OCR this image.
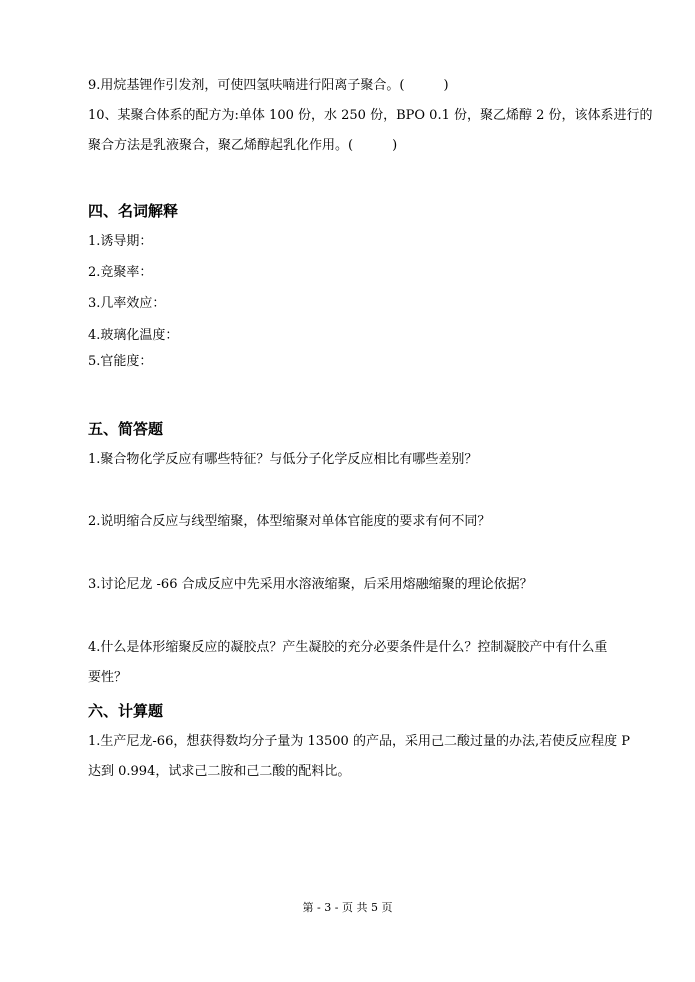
9.用烷基锂作引发剂，可使四氢呋喃进行阳离子聚合。(　　　)
10、某聚合体系的配方为:单体 100 份，水 250 份，BPO 0.1 份，聚乙烯醇 2 份，该体系进行的
聚合方法是乳液聚合，聚乙烯醇起乳化作用。(　　　)
四、名词解释
1.诱导期：
2.竞聚率：
3.几率效应：
4.玻璃化温度：
5.官能度：
五、简答题
1.聚合物化学反应有哪些特征？与低分子化学反应相比有哪些差别？
2.说明缩合反应与线型缩聚，体型缩聚对单体官能度的要求有何不同？
3.讨论尼龙 -66 合成反应中先采用水溶液缩聚，后采用熔融缩聚的理论依据？
4.什么是体形缩聚反应的凝胶点？产生凝胶的充分必要条件是什么？控制凝胶产中有什么重
要性？
六、计算题
1.生产尼龙-66，想获得数均分子量为 13500 的产品，采用己二酸过量的办法,若使反应程度 P
达到 0.994，试求己二胺和己二酸的配料比。
第 - 3 - 页 共 5 页
